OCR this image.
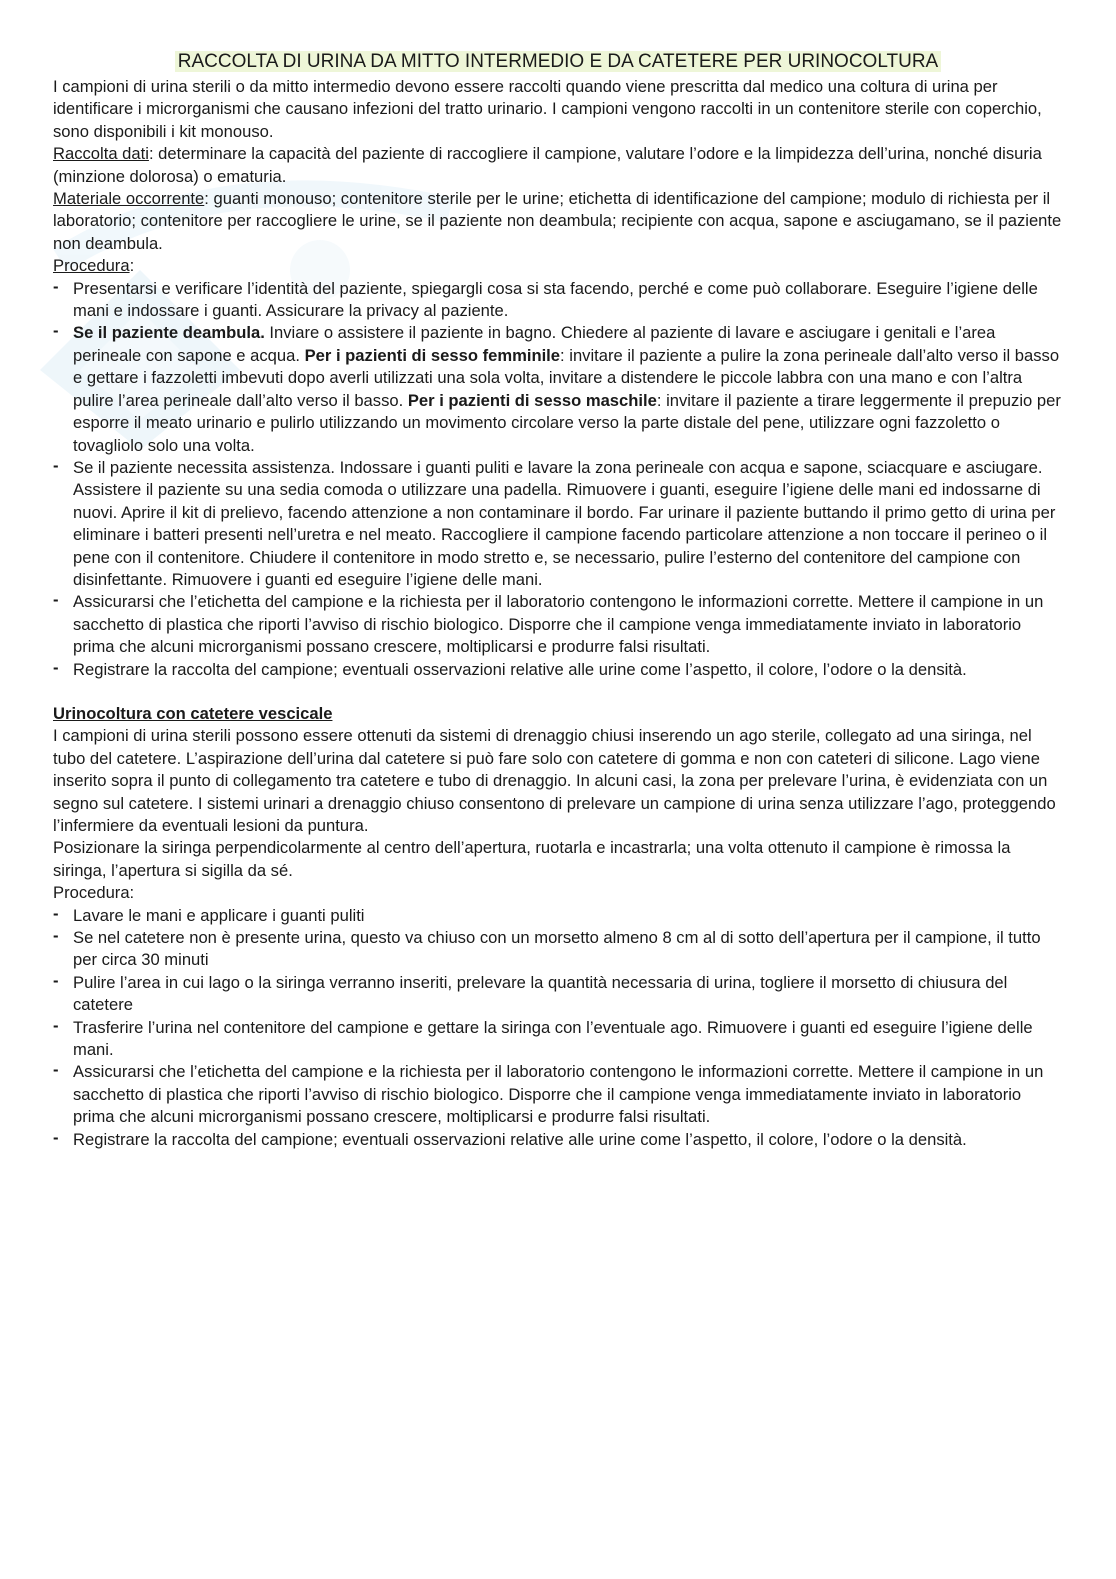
RACCOLTA DI URINA DA MITTO INTERMEDIO E DA CATETERE PER URINOCOLTURA

I campioni di urina sterili o da mitto intermedio devono essere raccolti quando viene prescritta dal medico una coltura di urina per identificare i microrganismi che causano infezioni del tratto urinario. I campioni vengono raccolti in un contenitore sterile con coperchio, sono disponibili i kit monouso.

Raccolta dati: determinare la capacità del paziente di raccogliere il campione, valutare l’odore e la limpidezza dell’urina, nonché disuria (minzione dolorosa) o ematuria.

Materiale occorrente: guanti monouso; contenitore sterile per le urine; etichetta di identificazione del campione; modulo di richiesta per il laboratorio; contenitore per raccogliere le urine, se il paziente non deambula; recipiente con acqua, sapone e asciugamano, se il paziente non deambula.

Procedura:

- Presentarsi e verificare l’identità del paziente, spiegargli cosa si sta facendo, perché e come può collaborare. Eseguire l’igiene delle mani e indossare i guanti. Assicurare la privacy al paziente.
- Se il paziente deambula. Inviare o assistere il paziente in bagno. Chiedere al paziente di lavare e asciugare i genitali e l’area perineale con sapone e acqua. Per i pazienti di sesso femminile: invitare il paziente a pulire la zona perineale dall’alto verso il basso e gettare i fazzoletti imbevuti dopo averli utilizzati una sola volta, invitare a distendere le piccole labbra con una mano e con l’altra pulire l’area perineale dall’alto verso il basso. Per i pazienti di sesso maschile: invitare il paziente a tirare leggermente il prepuzio per esporre il meato urinario e pulirlo utilizzando un movimento circolare verso la parte distale del pene, utilizzare ogni fazzoletto o tovagliolo solo una volta.
- Se il paziente necessita assistenza. Indossare i guanti puliti e lavare la zona perineale con acqua e sapone, sciacquare e asciugare. Assistere il paziente su una sedia comoda o utilizzare una padella. Rimuovere i guanti, eseguire l’igiene delle mani ed indossarne di nuovi. Aprire il kit di prelievo, facendo attenzione a non contaminare il bordo. Far urinare il paziente buttando il primo getto di urina per eliminare i batteri presenti nell’uretra e nel meato. Raccogliere il campione facendo particolare attenzione a non toccare il perineo o il pene con il contenitore. Chiudere il contenitore in modo stretto e, se necessario, pulire l’esterno del contenitore del campione con disinfettante. Rimuovere i guanti ed eseguire l’igiene delle mani.
- Assicurarsi che l’etichetta del campione e la richiesta per il laboratorio contengono le informazioni corrette. Mettere il campione in un sacchetto di plastica che riporti l’avviso di rischio biologico. Disporre che il campione venga immediatamente inviato in laboratorio prima che alcuni microrganismi possano crescere, moltiplicarsi e produrre falsi risultati.
- Registrare la raccolta del campione; eventuali osservazioni relative alle urine come l’aspetto, il colore, l’odore o la densità.

Urinocoltura con catetere vescicale

I campioni di urina sterili possono essere ottenuti da sistemi di drenaggio chiusi inserendo un ago sterile, collegato ad una siringa, nel tubo del catetere. L’aspirazione dell’urina dal catetere si può fare solo con catetere di gomma e non con cateteri di silicone. Lago viene inserito sopra il punto di collegamento tra catetere e tubo di drenaggio. In alcuni casi, la zona per prelevare l’urina, è evidenziata con un segno sul catetere. I sistemi urinari a drenaggio chiuso consentono di prelevare un campione di urina senza utilizzare l’ago, proteggendo l’infermiere da eventuali lesioni da puntura.

Posizionare la siringa perpendicolarmente al centro dell’apertura, ruotarla e incastrarla; una volta ottenuto il campione è rimossa la siringa, l’apertura si sigilla da sé.

Procedura:

- Lavare le mani e applicare i guanti puliti
- Se nel catetere non è presente urina, questo va chiuso con un morsetto almeno 8 cm al di sotto dell’apertura per il campione, il tutto per circa 30 minuti
- Pulire l’area in cui lago o la siringa verranno inseriti, prelevare la quantità necessaria di urina, togliere il morsetto di chiusura del catetere
- Trasferire l’urina nel contenitore del campione e gettare la siringa con l’eventuale ago. Rimuovere i guanti ed eseguire l’igiene delle mani.
- Assicurarsi che l’etichetta del campione e la richiesta per il laboratorio contengono le informazioni corrette. Mettere il campione in un sacchetto di plastica che riporti l’avviso di rischio biologico. Disporre che il campione venga immediatamente inviato in laboratorio prima che alcuni microrganismi possano crescere, moltiplicarsi e produrre falsi risultati.
- Registrare la raccolta del campione; eventuali osservazioni relative alle urine come l’aspetto, il colore, l’odore o la densità.
